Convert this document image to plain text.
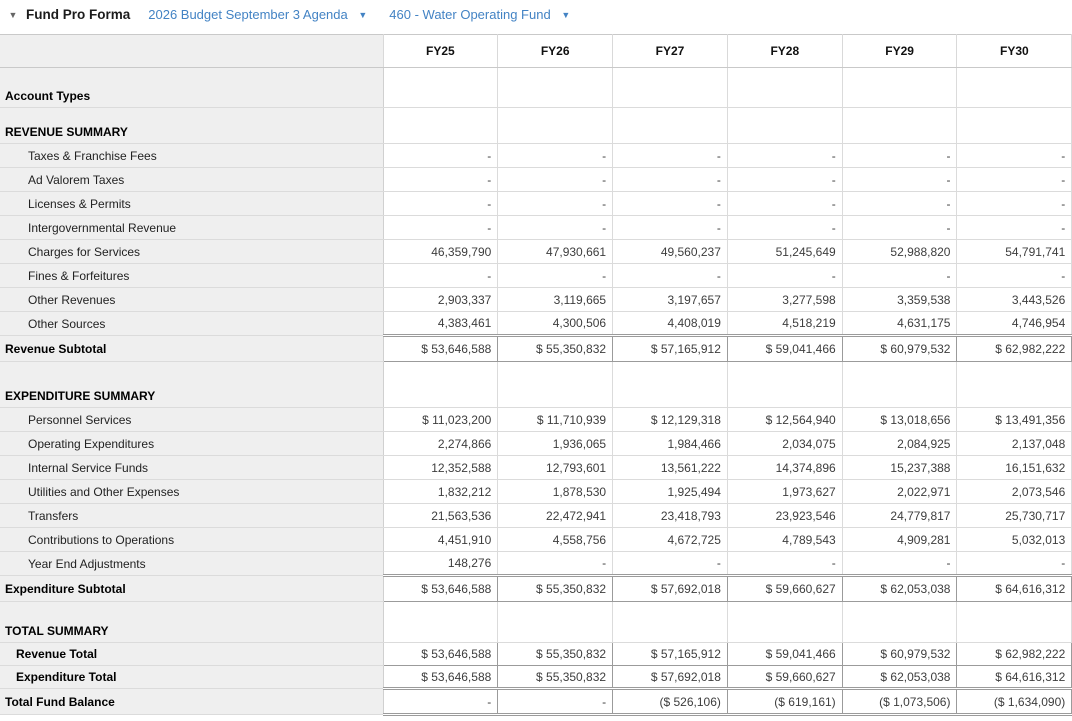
▼ Fund Pro Forma 2026 Budget September 3 Agenda ▼ 460 - Water Operating Fund ▼
	FY25	FY26	FY27	FY28	FY29	FY30
Account Types						
REVENUE SUMMARY						
Taxes & Franchise Fees	-	-	-	-	-	-
Ad Valorem Taxes	-	-	-	-	-	-
Licenses & Permits	-	-	-	-	-	-
Intergovernmental Revenue	-	-	-	-	-	-
Charges for Services	46,359,790	47,930,661	49,560,237	51,245,649	52,988,820	54,791,741
Fines & Forfeitures	-	-	-	-	-	-
Other Revenues	2,903,337	3,119,665	3,197,657	3,277,598	3,359,538	3,443,526
Other Sources	4,383,461	4,300,506	4,408,019	4,518,219	4,631,175	4,746,954
Revenue Subtotal	$ 53,646,588	$ 55,350,832	$ 57,165,912	$ 59,041,466	$ 60,979,532	$ 62,982,222
EXPENDITURE SUMMARY						
Personnel Services	$ 11,023,200	$ 11,710,939	$ 12,129,318	$ 12,564,940	$ 13,018,656	$ 13,491,356
Operating Expenditures	2,274,866	1,936,065	1,984,466	2,034,075	2,084,925	2,137,048
Internal Service Funds	12,352,588	12,793,601	13,561,222	14,374,896	15,237,388	16,151,632
Utilities and Other Expenses	1,832,212	1,878,530	1,925,494	1,973,627	2,022,971	2,073,546
Transfers	21,563,536	22,472,941	23,418,793	23,923,546	24,779,817	25,730,717
Contributions to Operations	4,451,910	4,558,756	4,672,725	4,789,543	4,909,281	5,032,013
Year End Adjustments	148,276	-	-	-	-	-
Expenditure Subtotal	$ 53,646,588	$ 55,350,832	$ 57,692,018	$ 59,660,627	$ 62,053,038	$ 64,616,312
TOTAL SUMMARY						
Revenue Total	$ 53,646,588	$ 55,350,832	$ 57,165,912	$ 59,041,466	$ 60,979,532	$ 62,982,222
Expenditure Total	$ 53,646,588	$ 55,350,832	$ 57,692,018	$ 59,660,627	$ 62,053,038	$ 64,616,312
Total Fund Balance	-	-	($ 526,106)	($ 619,161)	($ 1,073,506)	($ 1,634,090)
